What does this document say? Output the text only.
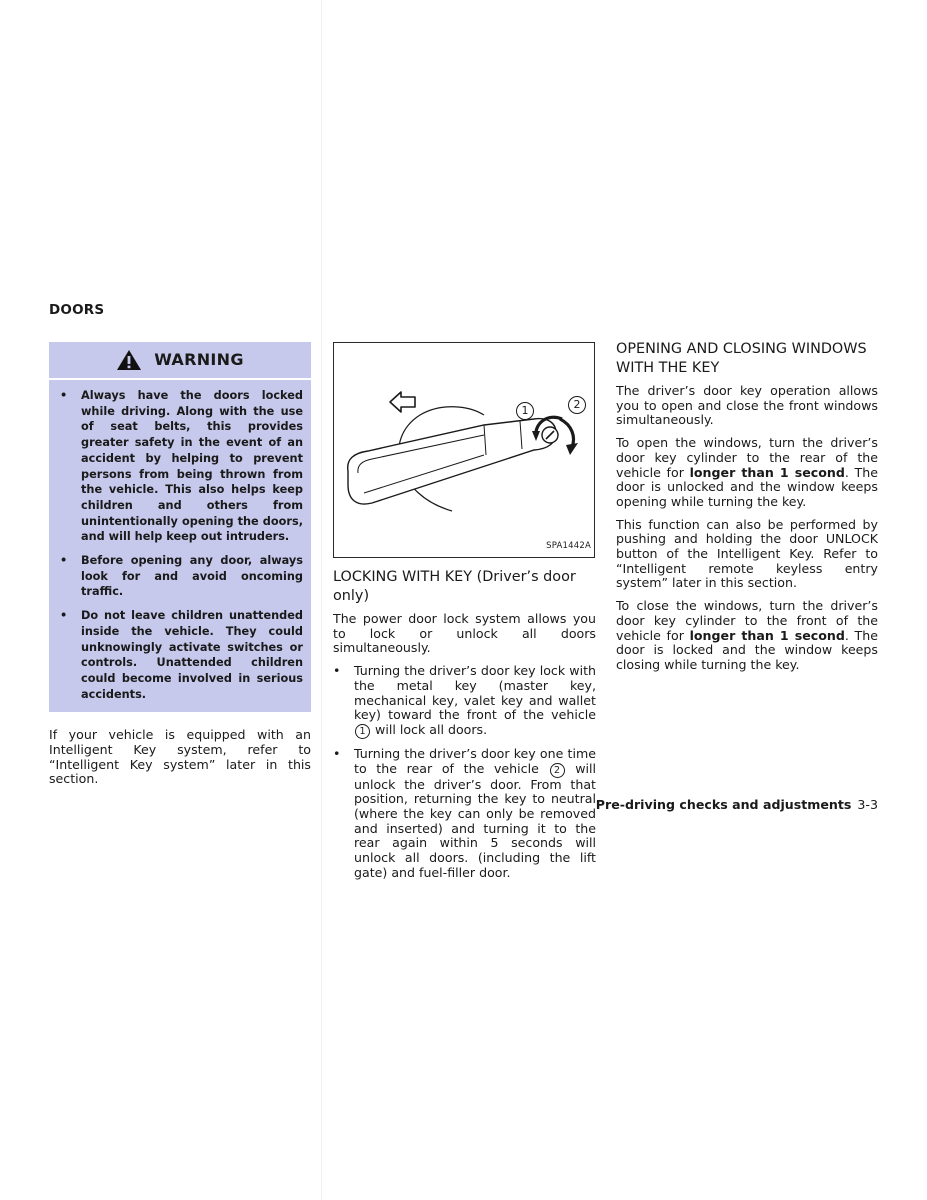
DOORS
WARNING
•	Always have the doors locked while driving. Along with the use of seat belts, this provides greater safety in the event of an accident by helping to prevent persons from being thrown from the vehicle. This also helps keep children and others from unintentionally opening the doors, and will help keep out intruders.
•	Before opening any door, always look for and avoid oncoming traffic.
•	Do not leave children unattended inside the vehicle. They could unknowingly activate switches or controls. Unattended children could become involved in serious accidents.

If your vehicle is equipped with an Intelligent Key system, refer to “Intelligent Key system” later in this section.

1	2
SPA1442A
LOCKING WITH KEY (Driver’s door only)

The power door lock system allows you to lock or unlock all doors simultaneously.

•	Turning the driver’s door key lock with the metal key (master key, mechanical key, valet key and wallet key) toward the front of the vehicle 1 will lock all doors.
•	Turning the driver’s door key one time to the rear of the vehicle 2 will unlock the driver’s door. From that position, returning the key to neutral (where the key can only be removed and inserted) and turning it to the rear again within 5 seconds will unlock all doors. (including the lift gate) and fuel-filler door.
OPENING AND CLOSING WINDOWS WITH THE KEY

The driver’s door key operation allows you to open and close the front windows simultaneously.

To open the windows, turn the driver’s door key cylinder to the rear of the vehicle for longer than 1 second. The door is unlocked and the window keeps opening while turning the key.

This function can also be performed by pushing and holding the door UNLOCK button of the Intelligent Key. Refer to “Intelligent remote keyless entry system” later in this section.

To close the windows, turn the driver’s door key cylinder to the front of the vehicle for longer than 1 second. The door is locked and the window keeps closing while turning the key.

Pre-driving checks and adjustments 3-3
